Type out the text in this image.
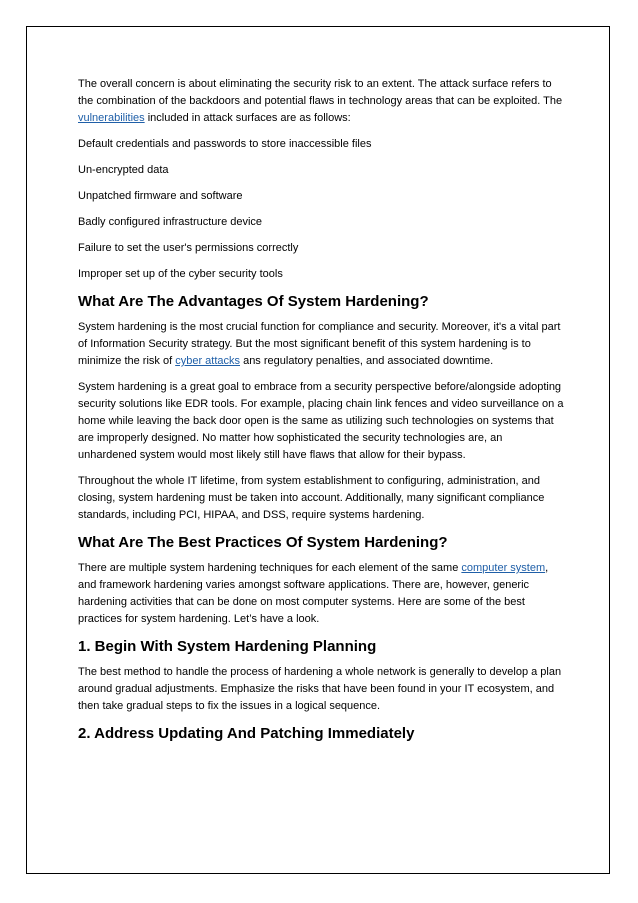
The overall concern is about eliminating the security risk to an extent. The attack surface refers to the combination of the backdoors and potential flaws in technology areas that can be exploited. The vulnerabilities included in attack surfaces are as follows:

Default credentials and passwords to store inaccessible files

Un-encrypted data

Unpatched firmware and software

Badly configured infrastructure device

Failure to set the user's permissions correctly

Improper set up of the cyber security tools

What Are The Advantages Of System Hardening?

System hardening is the most crucial function for compliance and security. Moreover, it's a vital part of Information Security strategy. But the most significant benefit of this system hardening is to minimize the risk of cyber attacks ans regulatory penalties, and associated downtime.

System hardening is a great goal to embrace from a security perspective before/alongside adopting security solutions like EDR tools. For example, placing chain link fences and video surveillance on a home while leaving the back door open is the same as utilizing such technologies on systems that are improperly designed. No matter how sophisticated the security technologies are, an unhardened system would most likely still have flaws that allow for their bypass.

Throughout the whole IT lifetime, from system establishment to configuring, administration, and closing, system hardening must be taken into account. Additionally, many significant compliance standards, including PCI, HIPAA, and DSS, require systems hardening.

What Are The Best Practices Of System Hardening?

There are multiple system hardening techniques for each element of the same computer system, and framework hardening varies amongst software applications. There are, however, generic hardening activities that can be done on most computer systems. Here are some of the best practices for system hardening. Let’s have a look.

1. Begin With System Hardening Planning

The best method to handle the process of hardening a whole network is generally to develop a plan around gradual adjustments. Emphasize the risks that have been found in your IT ecosystem, and then take gradual steps to fix the issues in a logical sequence.

2. Address Updating And Patching Immediately
